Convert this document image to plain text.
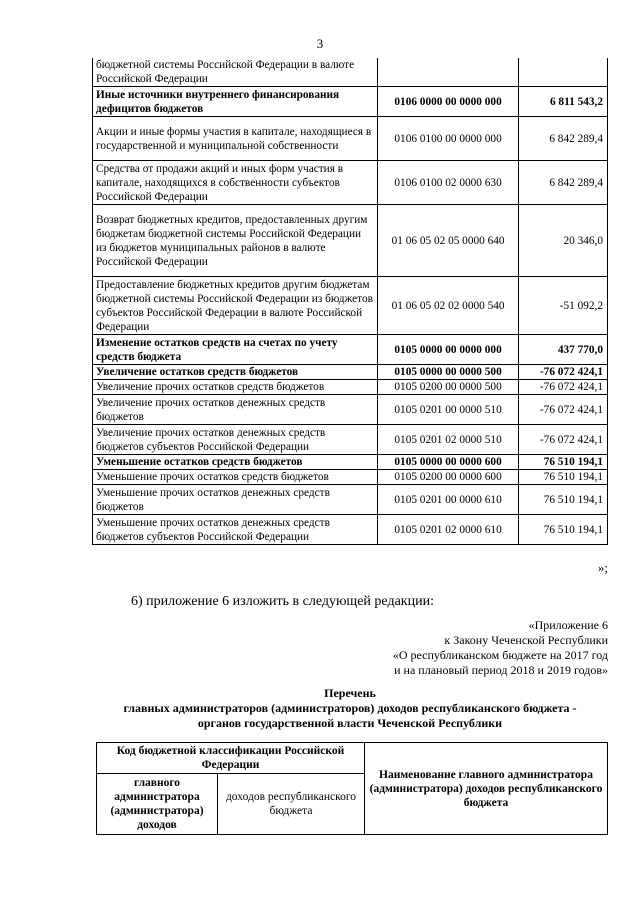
3
бюджетной системы Российской Федерации в валюте Российской Федерации		
Иные источники внутреннего финансирования дефицитов бюджетов	0106 0000 00 0000 000	6 811 543,2
Акции и иные формы участия в капитале, находящиеся в государственной и муниципальной собственности	0106 0100 00 0000 000	6 842 289,4
Средства от продажи акций и иных форм участия в капитале, находящихся в собственности субъектов Российской Федерации	0106 0100 02 0000 630	6 842 289,4
Возврат бюджетных кредитов, предоставленных другим бюджетам бюджетной системы Российской Федерации из бюджетов муниципальных районов в валюте Российской Федерации	01 06 05 02 05 0000 640	20 346,0
Предоставление бюджетных кредитов другим бюджетам бюджетной системы Российской Федерации из бюджетов субъектов Российской Федерации в валюте Российской Федерации	01 06 05 02 02 0000 540	-51 092,2
Изменение остатков средств на счетах по учету средств бюджета	0105 0000 00 0000 000	437 770,0
Увеличение остатков средств бюджетов	0105 0000 00 0000 500	-76 072 424,1
Увеличение прочих остатков средств бюджетов	0105 0200 00 0000 500	-76 072 424,1
Увеличение прочих остатков денежных средств бюджетов	0105 0201 00 0000 510	-76 072 424,1
Увеличение прочих остатков денежных средств бюджетов субъектов Российской Федерации	0105 0201 02 0000 510	-76 072 424,1
Уменьшение остатков средств бюджетов	0105 0000 00 0000 600	76 510 194,1
Уменьшение прочих остатков средств бюджетов	0105 0200 00 0000 600	76 510 194,1
Уменьшение прочих остатков денежных средств бюджетов	0105 0201 00 0000 610	76 510 194,1
Уменьшение прочих остатков денежных средств бюджетов субъектов Российской Федерации	0105 0201 02 0000 610	76 510 194,1
»;
6) приложение 6 изложить в следующей редакции:
«Приложение 6
к Закону Чеченской Республики
«О республиканском бюджете на 2017 год
и на плановый период 2018 и 2019 годов»
Перечень
главных администраторов (администраторов) доходов республиканского бюджета -
органов государственной власти Чеченской Республики
Код бюджетной классификации Российской Федерации		Наименование главного администратора (администратора) доходов республиканского бюджета
главного администратора (администратора) доходов	доходов республиканского бюджета	
